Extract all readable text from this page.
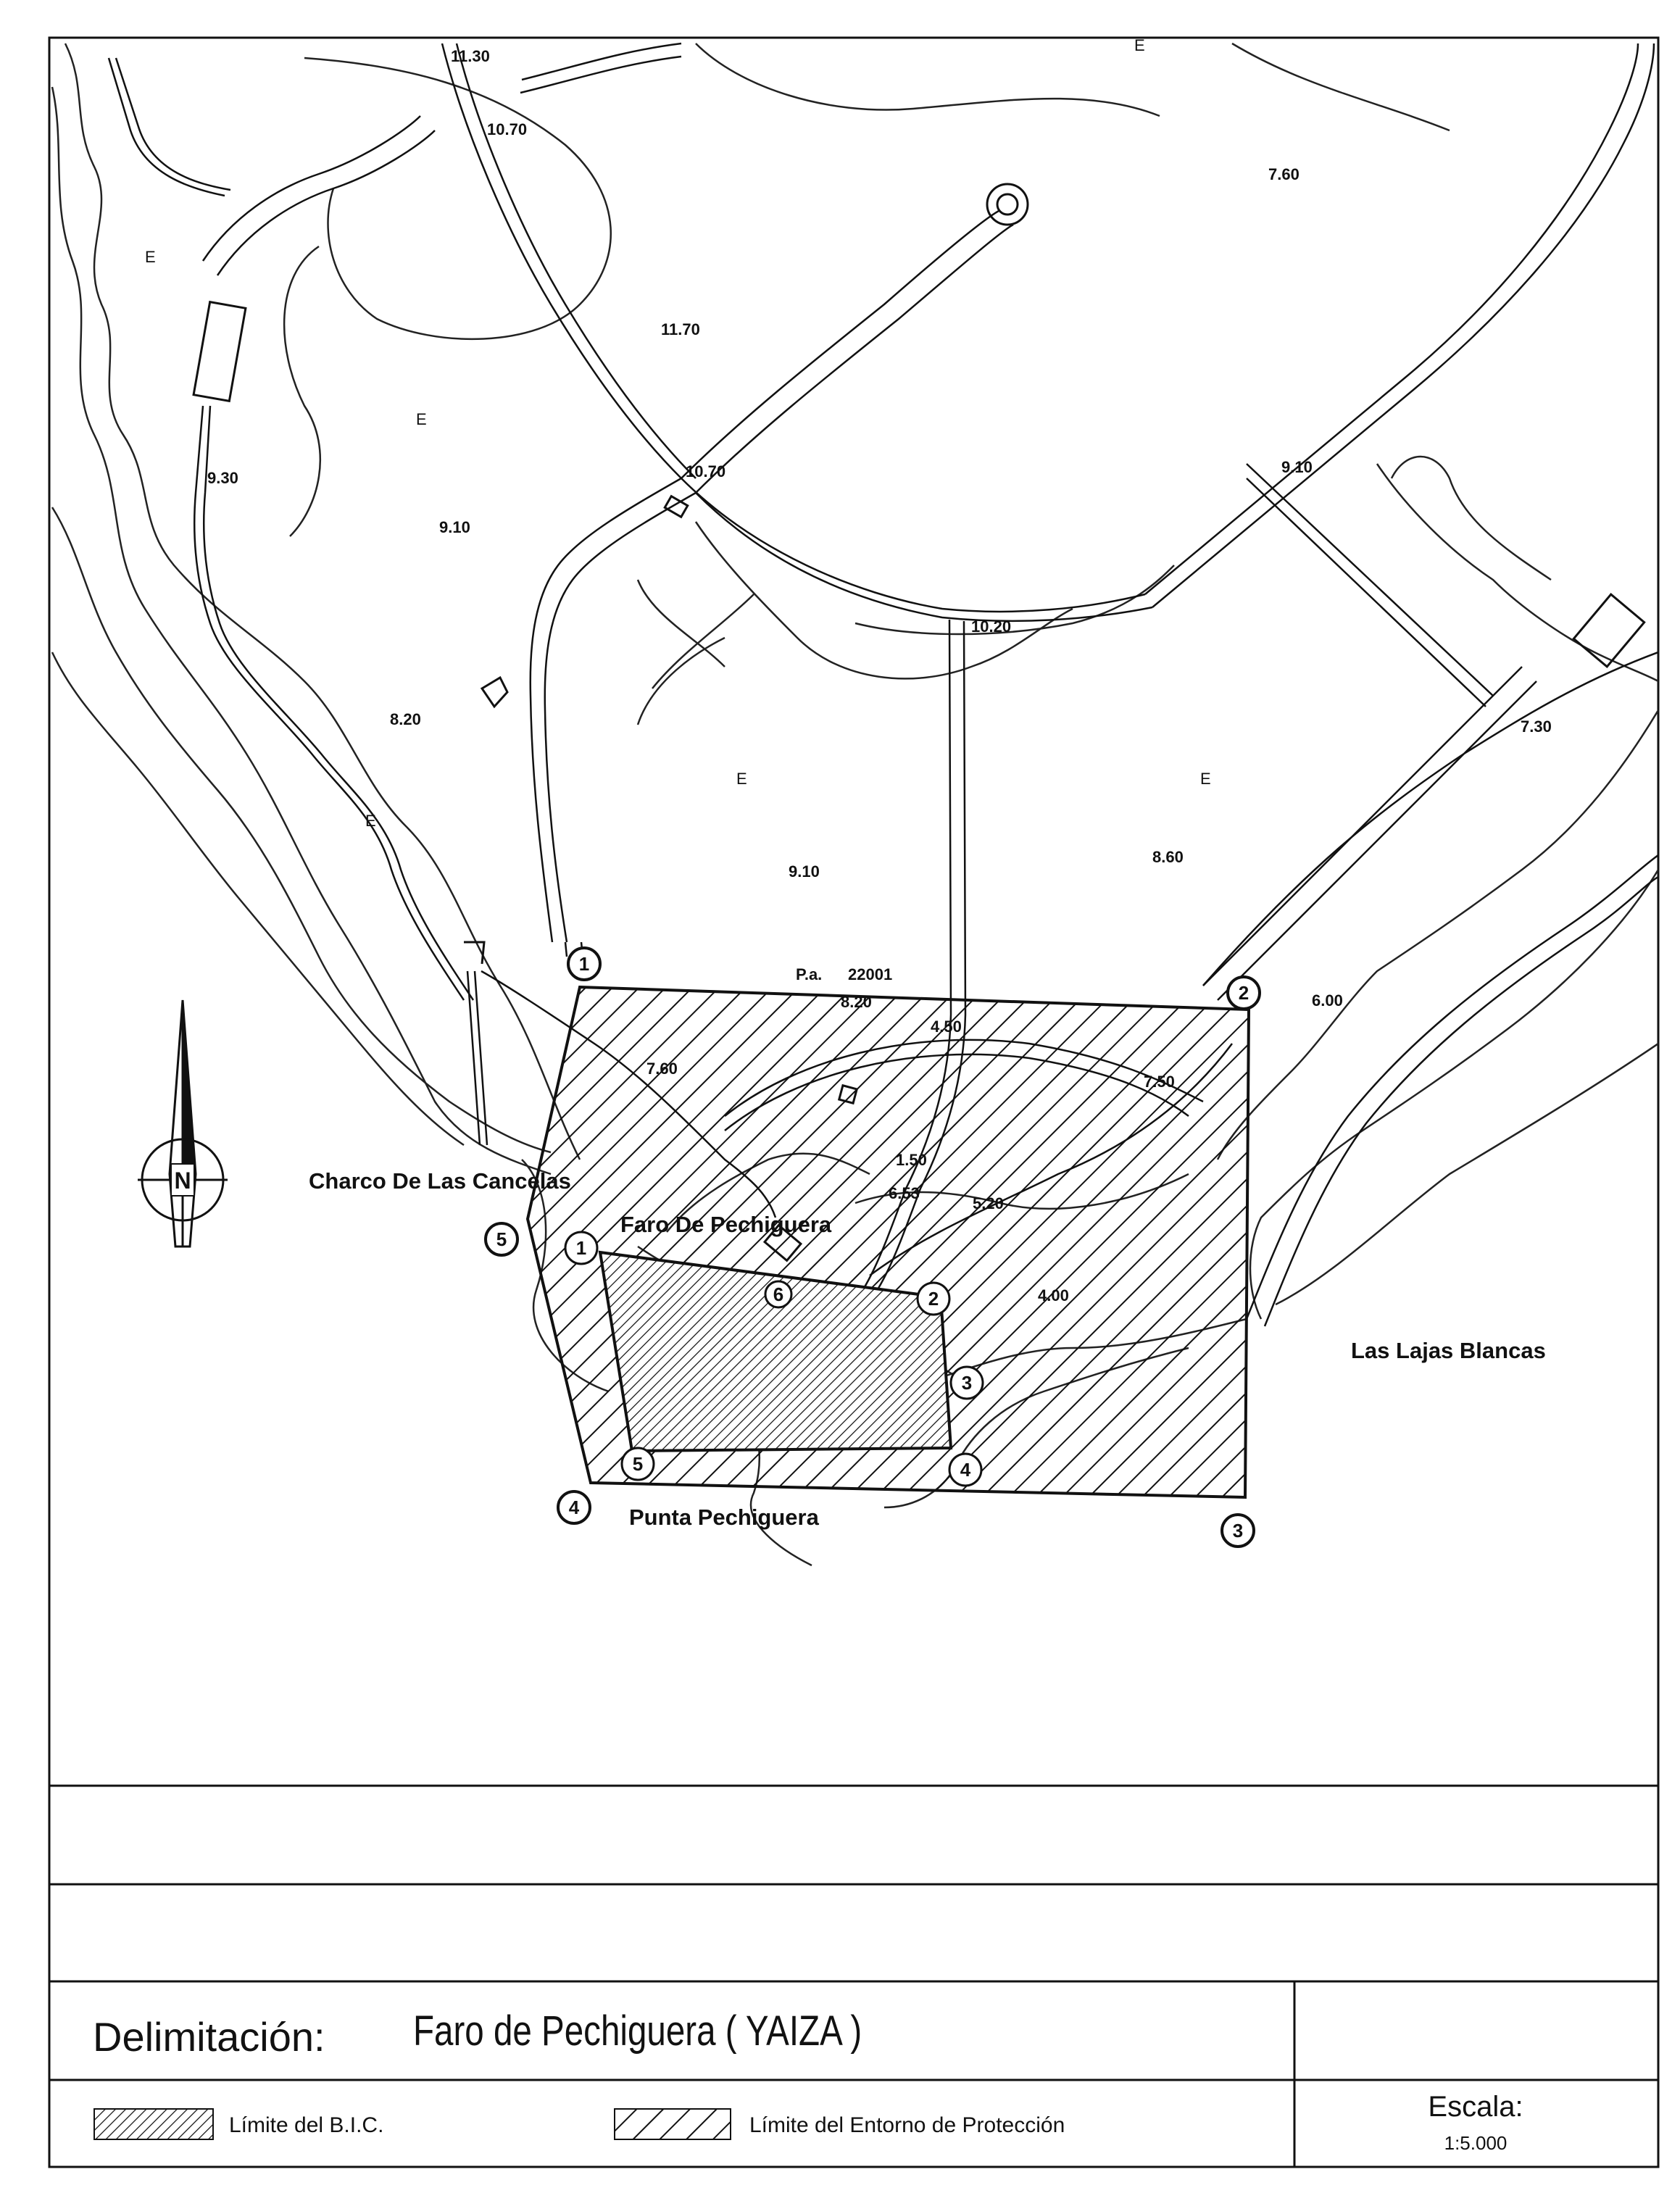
11.30
10.70
7.60
11.70
10.70
9.30
9.10
9.10
10.20
8.20	7.30
9.10
8.60
P.a. 22001
8.20
4.50
7.60
7.50
6.00
1.50
6.53
5.20
4.00
E
E
E
E	E
E
1
2
3
4
5	1
2
3
4
5
6
Charco De Las Cancelas
Faro De Pechiguera
Las Lajas Blancas
Punta Pechiguera
N
Delimitación: Faro de Pechiguera ( YAIZA )
Límite del B.I.C.	Límite del Entorno de Protección
Escala:
1:5.000
